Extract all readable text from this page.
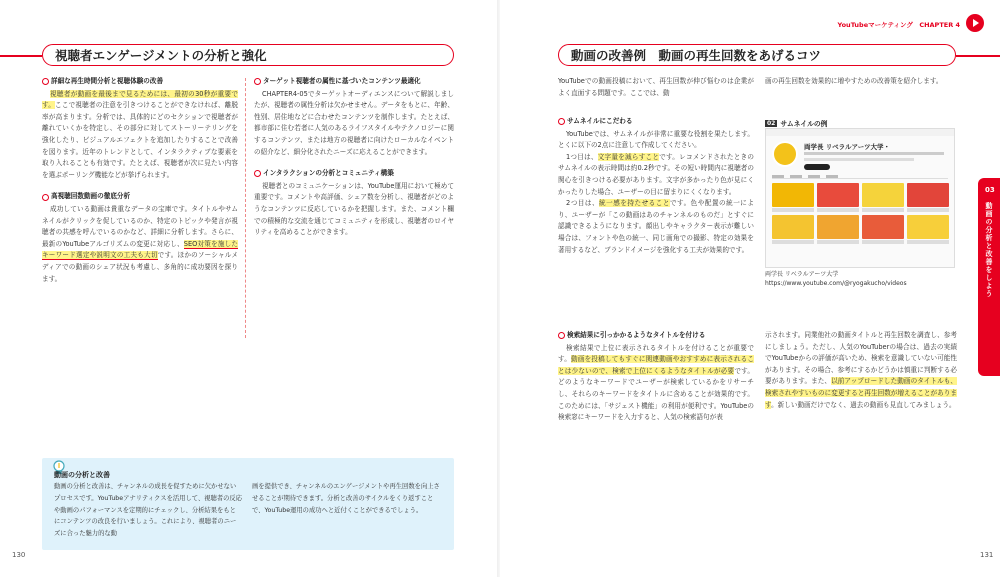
視聴者エンゲージメントの分析と強化
詳細な再生時間分析と視聴体験の改善
視聴者が動画を最後まで見るためには、最初の30秒が重要です。ここで視聴者の注意を引きつけることができなければ、離脱率が高まります。分析では、具体的にどのセクションで視聴者が離れていくかを特定し、その部分に対してストーリーテリングを強化したり、ビジュアルエフェクトを追加したりすることで改善を図ります。近年のトレンドとして、インタラクティブな要素を取り入れることも有効です。たとえば、視聴者が次に見たい内容を選ぶポーリング機能などが挙げられます。
高視聴回数動画の徹底分析
成功している動画は貴重なデータの宝庫です。タイトルやサムネイルがクリックを促しているのか、特定のトピックや発言が視聴者の共感を呼んでいるのかなど、詳細に分析します。さらに、最新のYouTubeアルゴリズムの変更に対応し、SEO対策を施したキーワード選定や説明文の工夫も大切です。ほかのソーシャルメディアでの動画のシェア状況も考慮し、多角的に成功要因を探ります。
ターゲット視聴者の属性に基づいたコンテンツ最適化
CHAPTER4-05でターゲットオーディエンスについて解説しましたが、視聴者の属性分析は欠かせません。データをもとに、年齢、性別、居住地などに合わせたコンテンツを制作します。たとえば、都市部に住む若者に人気のあるライフスタイルやテクノロジーに関するコンテンツ、または地方の視聴者に向けたローカルなイベントの紹介など、細分化されたニーズに応えることができます。
インタラクションの分析とコミュニティ構築
視聴者とのコミュニケーションは、YouTube運用において極めて重要です。コメントや高評価、シェア数を分析し、視聴者がどのようなコンテンツに反応しているかを把握します。また、コメント欄での積極的な交流を通じてコミュニティを形成し、視聴者のロイヤリティを高めることができます。
動画の分析と改善
動画の分析と改善は、チャンネルの成長を促すために欠かせないプロセスです。YouTubeアナリティクスを活用して、視聴者の反応や動画のパフォーマンスを定期的にチェックし、分析結果をもとにコンテンツの改良を行いましょう。これにより、視聴者のニーズに合った魅力的な動
画を提供でき、チャンネルのエンゲージメントや再生回数を向上させることが期待できます。分析と改善のサイクルをくり返すことで、YouTube運用の成功へと近付くことができるでしょう。
130
YouTubeマーケティング　CHAPTER 4
動画の改善例　動画の再生回数をあげるコツ
YouTubeでの動画投稿において、再生回数が伸び悩むのは企業がよく直面する問題です。ここでは、動
画の再生回数を効果的に増やすための改善策を紹介します。
サムネイルにこだわる
YouTubeでは、サムネイルが非常に重要な役割を果たします。とくに以下の2点に注意して作成してください。
1つ目は、文字量を減らすことです。レコメンドされたときのサムネイルの表示時間は約0.2秒です。その短い時間内に視聴者の関心を引きつける必要があります。文字が多かったり色が見にくかったりした場合、ユーザーの目に留まりにくくなります。
2つ目は、統一感を持たせることです。色や配置の統一により、ユーザーが「この動画はあのチャンネルのものだ」とすぐに認識できるようになります。顔出しやキャラクター表示が難しい場合は、フォントや色の統一、同じ画角での撮影、特定の効果を著用するなど、ブランドイメージを強化する工夫が効果的です。
02 サムネイルの例
両学長 リベラルアーツ大学・
両学長 リベラルアーツ大学
https://www.youtube.com/@ryogakucho/videos
検索結果に引っかかるようなタイトルを付ける
検索結果で上位に表示されるタイトルを付けることが重要です。動画を投稿してもすぐに関連動画やおすすめに表示されることは少ないので、検索で上位にくるようなタイトルが必要です。どのようなキーワードでユーザーが検索しているかをリサーチし、それらのキーワードをタイトルに含めることが効果的です。このためには、「サジェスト機能」の利用が便利です。YouTubeの検索窓にキーワードを入力すると、人気の検索語句が表
示されます。同業他社の動画タイトルと再生回数を調査し、参考にしましょう。ただし、人気のYouTuberの場合は、過去の実績でYouTubeからの評価が高いため、検索を意識していない可能性があります。その場合、参考にするかどうかは慎重に判断する必要があります。また、以前アップロードした動画のタイトルも、検索されやすいものに変更すると再生回数が増えることがあります。新しい動画だけでなく、過去の動画も見直してみましょう。
03
動画の分析と改善をしよう
131
